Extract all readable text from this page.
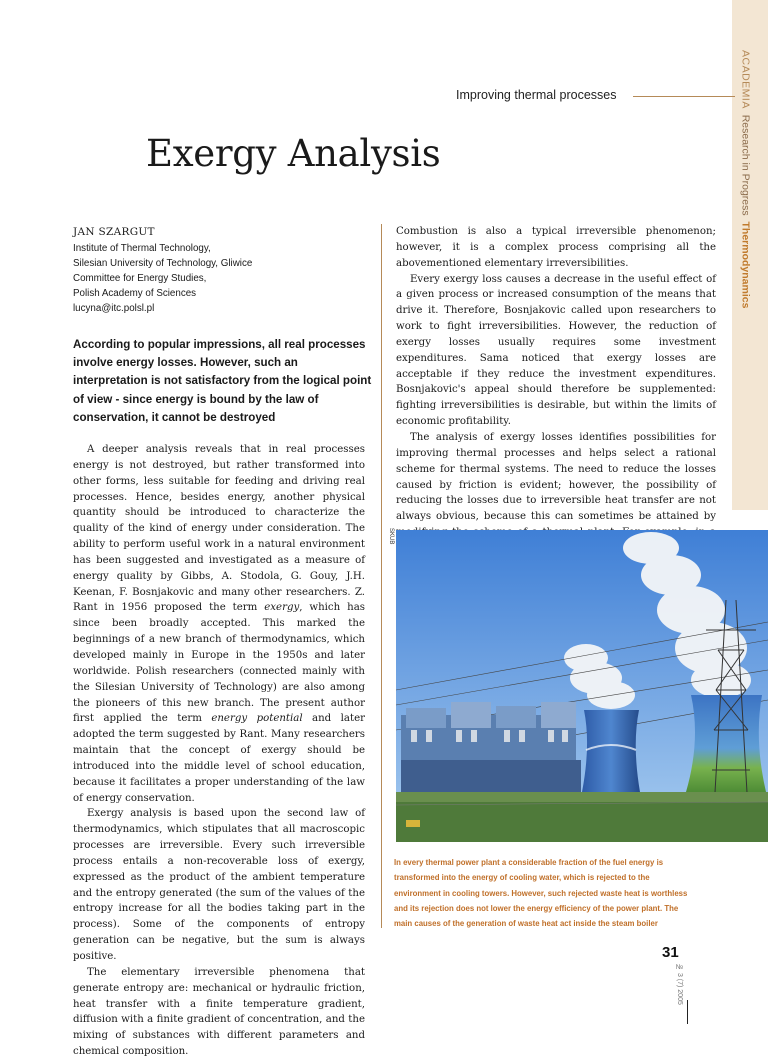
ACADEMIA  Research in Progress  Thermodynamics
Improving thermal processes
Exergy Analysis
JAN SZARGUT
Institute of Thermal Technology,
Silesian University of Technology, Gliwice
Committee for Energy Studies,
Polish Academy of Sciences
lucyna@itc.polsl.pl

According to popular impressions, all real processes involve energy losses. However, such an interpretation is not satisfactory from the logical point of view - since energy is bound by the law of conservation, it cannot be destroyed

A deeper analysis reveals that in real processes energy is not destroyed, but rather transformed into other forms, less suitable for feeding and driving real processes. Hence, besides energy, another physical quantity should be introduced to characterize the quality of the kind of energy under consideration. The ability to perform useful work in a natural environment has been suggested and investigated as a measure of energy quality by Gibbs, A. Stodola, G. Gouy, J.H. Keenan, F. Bosnjakovic and many other researchers. Z. Rant in 1956 proposed the term exergy, which has since been broadly accepted. This marked the beginnings of a new branch of thermodynamics, which developed mainly in Europe in the 1950s and later worldwide. Polish researchers (connected mainly with the Silesian University of Technology) are also among the pioneers of this new branch. The present author first applied the term energy potential and later adopted the term suggested by Rant. Many researchers maintain that the concept of exergy should be introduced into the middle level of school education, because it facilitates a proper understanding of the law of energy conservation.

Exergy analysis is based upon the second law of thermodynamics, which stipulates that all macroscopic processes are irreversible. Every such irreversible process entails a non-recoverable loss of exergy, expressed as the product of the ambient temperature and the entropy generated (the sum of the values of the entropy increase for all the bodies taking part in the process). Some of the components of entropy generation can be negative, but the sum is always positive.

The elementary irreversible phenomena that generate entropy are: mechanical or hydraulic friction, heat transfer with a finite temperature gradient, diffusion with a finite gradient of concentration, and the mixing of substances with different parameters and chemical composition.

Combustion is also a typical irreversible phenomenon; however, it is a complex process comprising all the abovementioned elementary irreversibilities.

Every exergy loss causes a decrease in the useful effect of a given process or increased consumption of the means that drive it. Therefore, Bosnjakovic called upon researchers to work to fight irreversibilities. However, the reduction of exergy losses usually requires some investment expenditures. Sama noticed that exergy losses are acceptable if they reduce the investment expenditures. Bosnjakovic's appeal should therefore be supplemented: fighting irreversibilities is desirable, but within the limits of economic profitability.

The analysis of exergy losses identifies possibilities for improving thermal processes and helps select a rational scheme for thermal systems. The need to reduce the losses caused by friction is evident; however, the possibility of reducing the losses due to irreversible heat transfer are not always obvious, because this can sometimes be attained by

SKUB
In every thermal power plant a considerable fraction of the fuel energy is transformed into the energy of cooling water, which is rejected to the environment in cooling towers. However, such rejected waste heat is worthless and its rejection does not lower the energy efficiency of the power plant. The main causes of the generation of waste heat act inside the steam boiler
31
№ 3 (7) 2005
